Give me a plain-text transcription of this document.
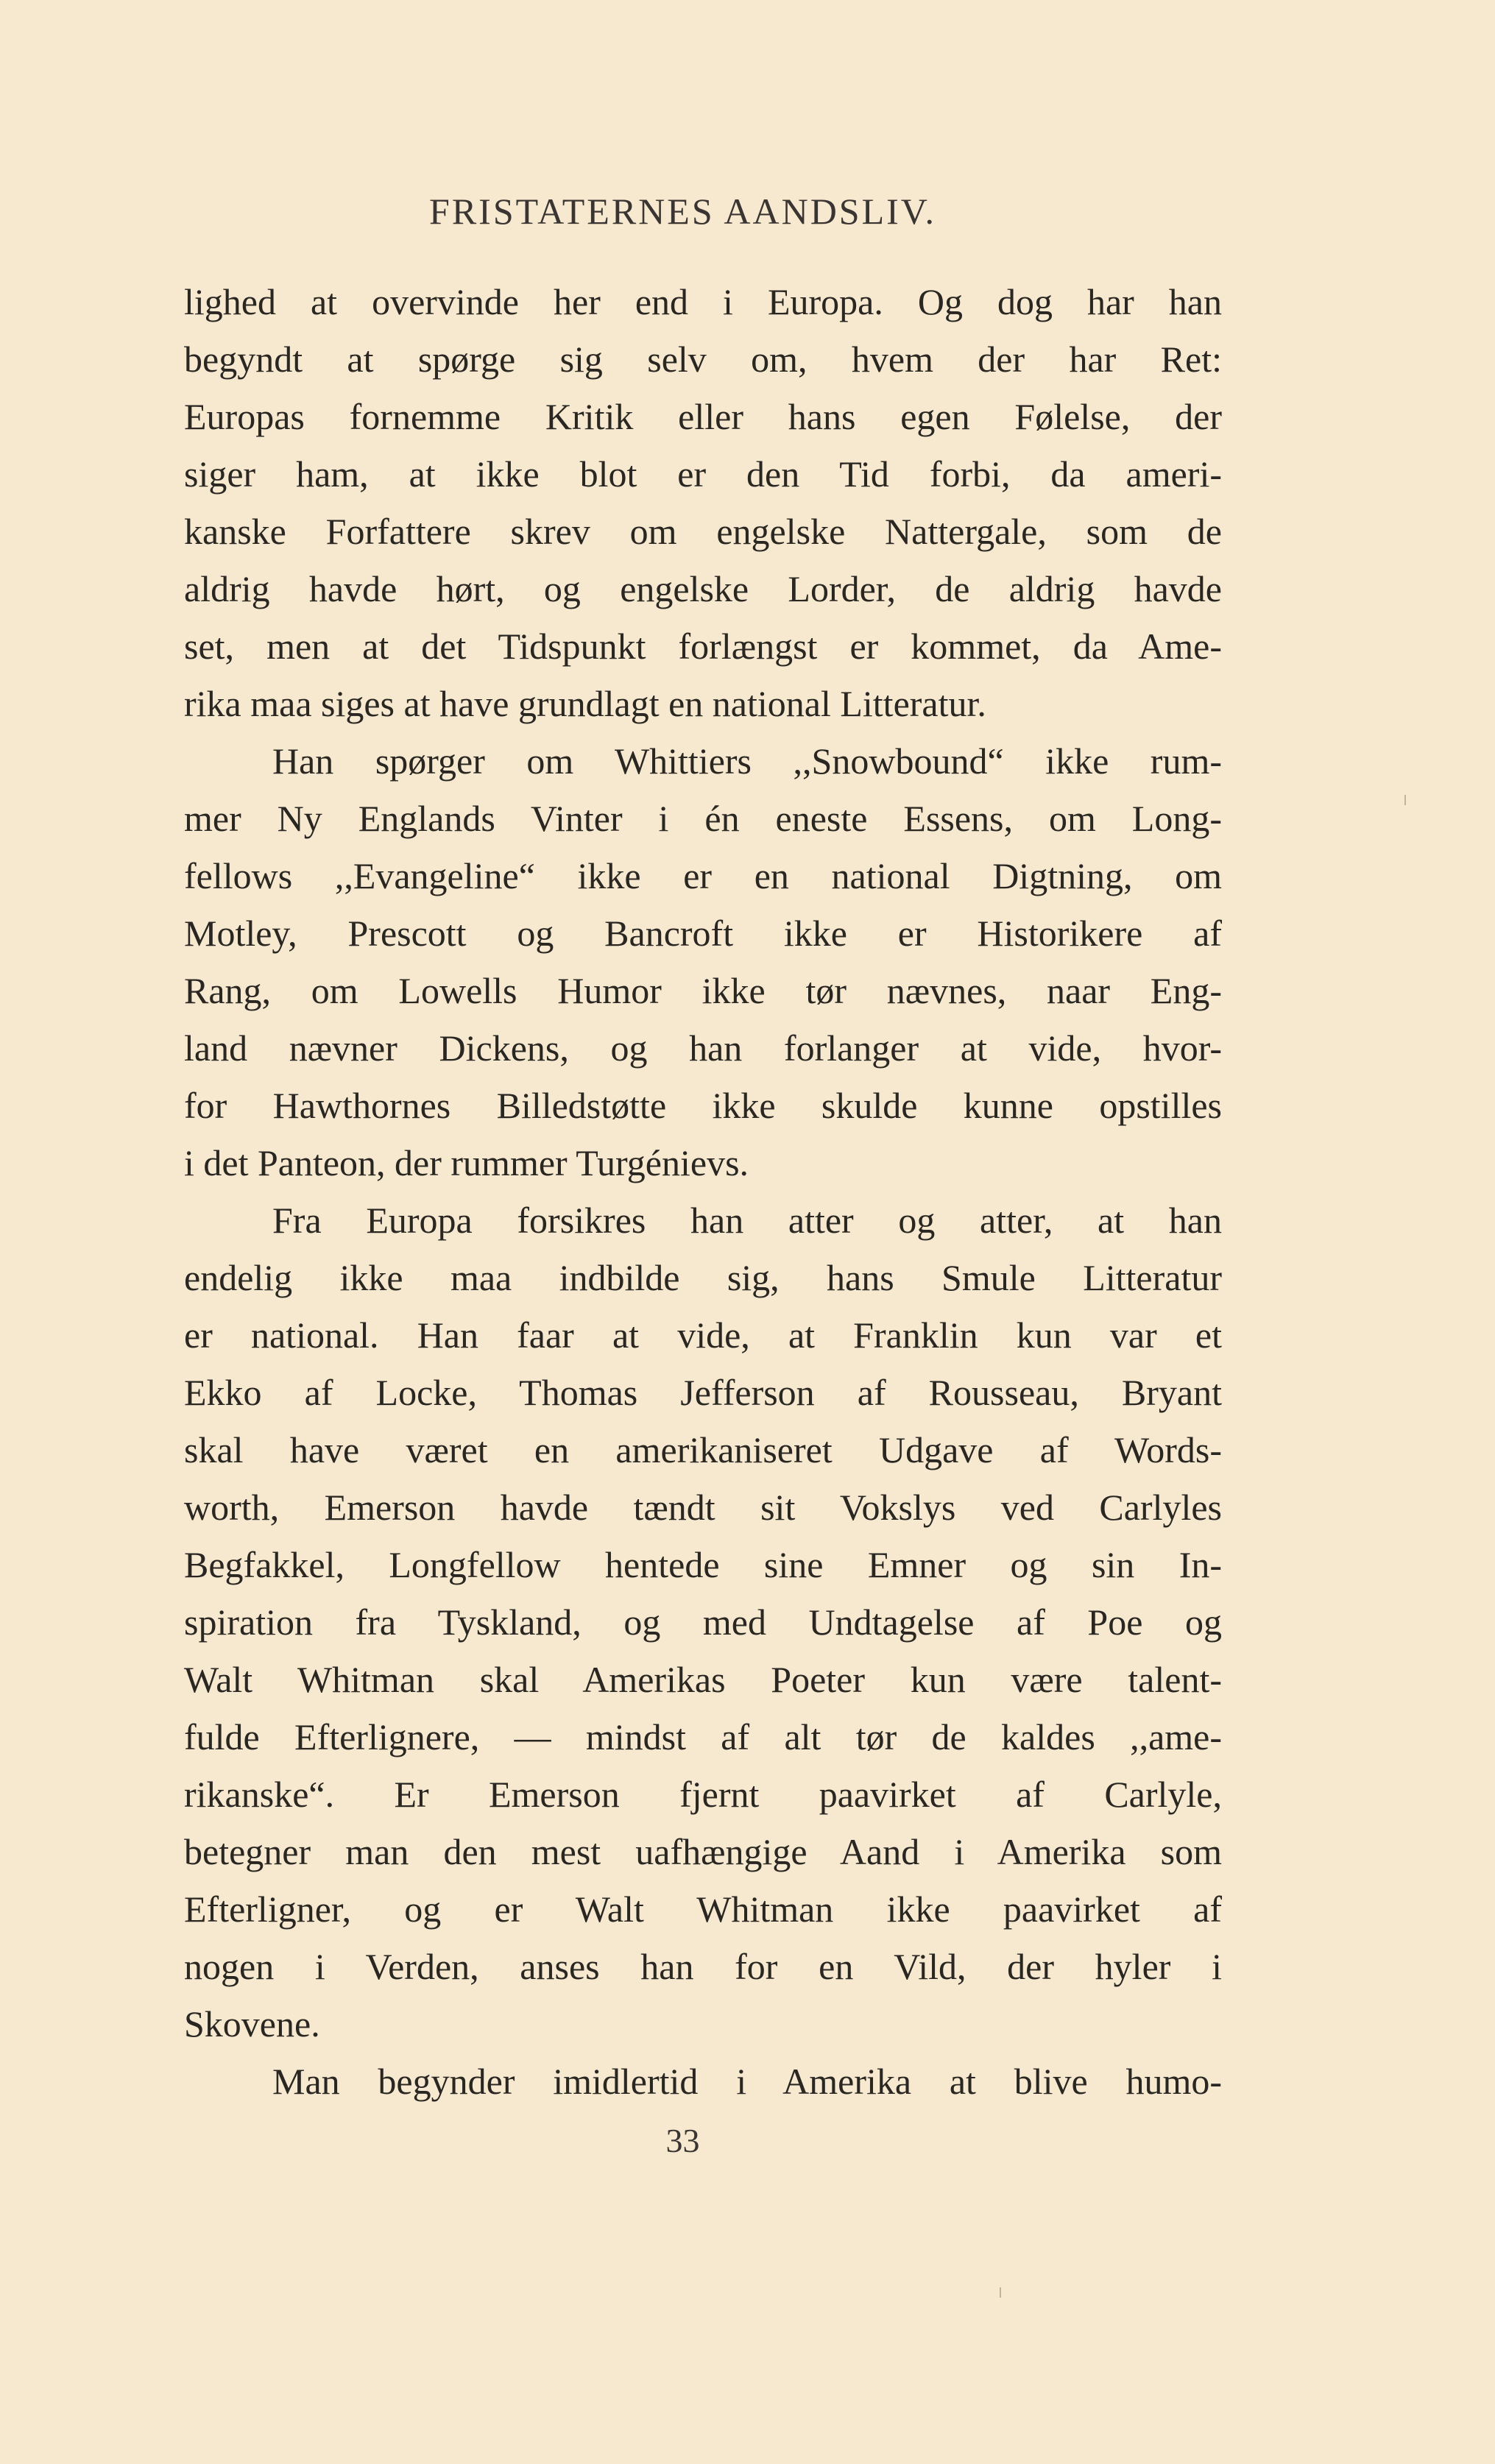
FRISTATERNES AANDSLIV.
lighed at overvinde her end i Europa. Og dog har han
begyndt at spørge sig selv om, hvem der har Ret:
Europas fornemme Kritik eller hans egen Følelse, der
siger ham, at ikke blot er den Tid forbi, da ameri-
kanske Forfattere skrev om engelske Nattergale, som de
aldrig havde hørt, og engelske Lorder, de aldrig havde
set, men at det Tidspunkt forlængst er kommet, da Ame-
rika maa siges at have grundlagt en national Litteratur.
Han spørger om Whittiers ,,Snowbound“ ikke rum-
mer Ny Englands Vinter i én eneste Essens, om Long-
fellows ,,Evangeline“ ikke er en national Digtning, om
Motley, Prescott og Bancroft ikke er Historikere af
Rang, om Lowells Humor ikke tør nævnes, naar Eng-
land nævner Dickens, og han forlanger at vide, hvor-
for Hawthornes Billedstøtte ikke skulde kunne opstilles
i det Panteon, der rummer Turgénievs.
Fra Europa forsikres han atter og atter, at han
endelig ikke maa indbilde sig, hans Smule Litteratur
er national. Han faar at vide, at Franklin kun var et
Ekko af Locke, Thomas Jefferson af Rousseau, Bryant
skal have været en amerikaniseret Udgave af Words-
worth, Emerson havde tændt sit Vokslys ved Carlyles
Begfakkel, Longfellow hentede sine Emner og sin In-
spiration fra Tyskland, og med Undtagelse af Poe og
Walt Whitman skal Amerikas Poeter kun være talent-
fulde Efterlignere, — mindst af alt tør de kaldes ,,ame-
rikanske“. Er Emerson fjernt paavirket af Carlyle,
betegner man den mest uafhængige Aand i Amerika som
Efterligner, og er Walt Whitman ikke paavirket af
nogen i Verden, anses han for en Vild, der hyler i
Skovene.
Man begynder imidlertid i Amerika at blive humo-
33
